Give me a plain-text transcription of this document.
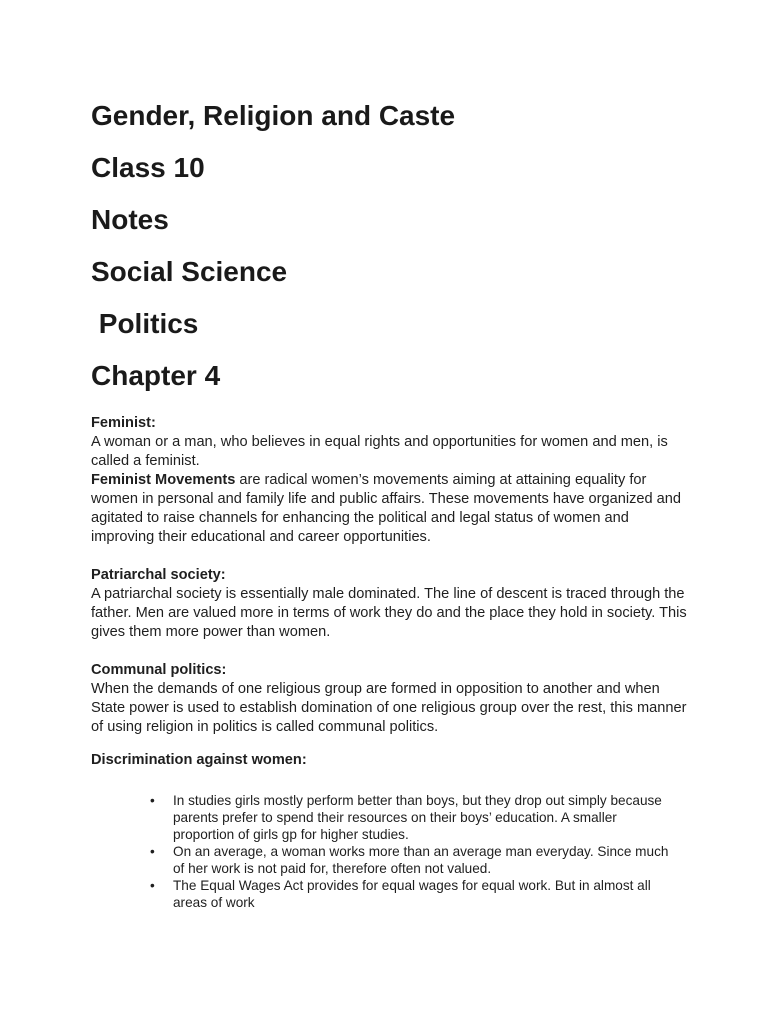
Gender, Religion and Caste
Class 10
Notes
Social Science
Politics
Chapter 4
Feminist:
A woman or a man, who believes in equal rights and opportunities for women and men, is called a feminist.
Feminist Movements are radical women’s movements aiming at attaining equality for women in personal and family life and public affairs. These movements have organized and agitated to raise channels for enhancing the political and legal status of women and improving their educational and career opportunities.
Patriarchal society:
A patriarchal society is essentially male dominated. The line of descent is traced through the father. Men are valued more in terms of work they do and the place they hold in society. This gives them more power than women.
Communal politics:
When the demands of one religious group are formed in opposition to another and when State power is used to establish domination of one religious group over the rest, this manner of using religion in politics is called communal politics.
Discrimination against women:
• In studies girls mostly perform better than boys, but they drop out simply because parents prefer to spend their resources on their boys’ education. A smaller proportion of girls gp for higher studies.
• On an average, a woman works more than an average man everyday. Since much of her work is not paid for, therefore often not valued.
• The Equal Wages Act provides for equal wages for equal work. But in almost all areas of work
